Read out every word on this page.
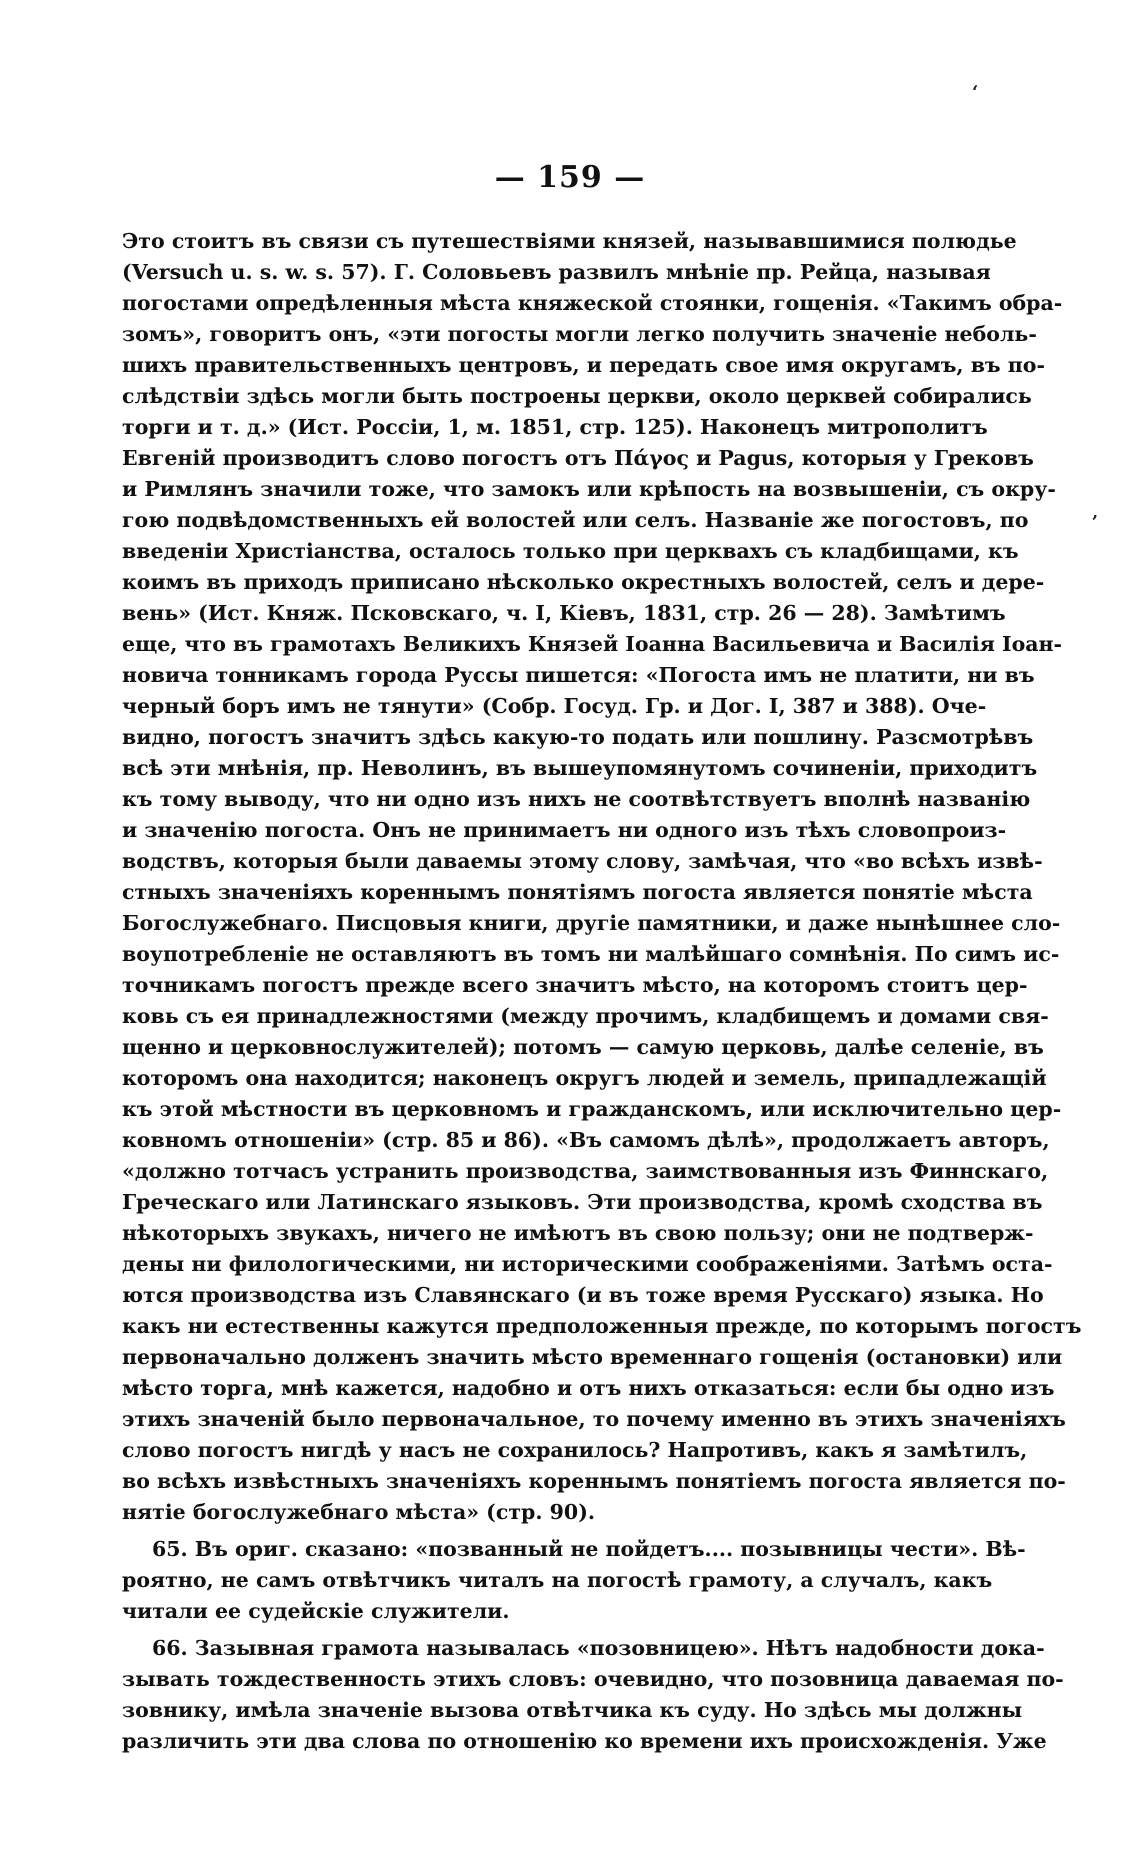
‘
‚
— 159 —
Это стоитъ въ связи съ путешествіями князей, называвшимися полюдье
(Versuch u. s. w. s. 57). Г. Соловьевъ развилъ мнѣніе пр. Рейца, называя
погостами опредѣленныя мѣста княжеской стоянки, гощенія. «Такимъ обра-
зомъ», говоритъ онъ, «эти погосты могли легко получить значеніе неболь-
шихъ правительственныхъ центровъ, и передать свое имя округамъ, въ по-
слѣдствіи здѣсь могли быть построены церкви, около церквей собирались
торги и т. д.» (Ист. Россіи, 1, м. 1851, стр. 125). Наконецъ митрополитъ
Евгеній производитъ слово погостъ отъ Πάγος и Pagus, которыя у Грековъ
и Римлянъ значили тоже, что замокъ или крѣпость на возвышеніи, съ окру-
гою подвѣдомственныхъ ей волостей или селъ. Названіе же погостовъ, по
введеніи Христіанства, осталось только при церквахъ съ кладбищами, къ
коимъ въ приходъ приписано нѣсколько окрестныхъ волостей, селъ и дере-
вень» (Ист. Княж. Псковскаго, ч. I, Кіевъ, 1831, стр. 26 — 28). Замѣтимъ
еще, что въ грамотахъ Великихъ Князей Іоанна Васильевича и Василія Іоан-
новича тонникамъ города Руссы пишется: «Погоста имъ не платити, ни въ
черный боръ имъ не тянути» (Собр. Госуд. Гр. и Дог. I, 387 и 388). Оче-
видно, погостъ значитъ здѣсь какую-то подать или пошлину. Разсмотрѣвъ
всѣ эти мнѣнія, пр. Неволинъ, въ вышеупомянутомъ сочиненіи, приходитъ
къ тому выводу, что ни одно изъ нихъ не соотвѣтствуетъ вполнѣ названію
и значенію погоста. Онъ не принимаетъ ни одного изъ тѣхъ словопроиз-
водствъ, которыя были даваемы этому слову, замѣчая, что «во всѣхъ извѣ-
стныхъ значеніяхъ кореннымъ понятіямъ погоста является понятіе мѣста
Богослужебнаго. Писцовыя книги, другіе памятники, и даже нынѣшнее сло-
воупотребленіе не оставляютъ въ томъ ни малѣйшаго сомнѣнія. По симъ ис-
точникамъ погостъ прежде всего значитъ мѣсто, на которомъ стоитъ цер-
ковь съ ея принадлежностями (между прочимъ, кладбищемъ и домами свя-
щенно и церковнослужителей); потомъ — самую церковь, далѣе селеніе, въ
которомъ она находится; наконецъ округъ людей и земель, припадлежащій
къ этой мѣстности въ церковномъ и гражданскомъ, или исключительно цер-
ковномъ отношеніи» (стр. 85 и 86). «Въ самомъ дѣлѣ», продолжаетъ авторъ,
«должно тотчасъ устранить производства, заимствованныя изъ Финнскаго,
Греческаго или Латинскаго языковъ. Эти производства, кромѣ сходства въ
нѣкоторыхъ звукахъ, ничего не имѣютъ въ свою пользу; они не подтверж-
дены ни филологическими, ни историческими соображеніями. Затѣмъ оста-
ются производства изъ Славянскаго (и въ тоже время Русскаго) языка. Но
какъ ни естественны кажутся предположенныя прежде, по которымъ погостъ
первоначально долженъ значить мѣсто временнаго гощенія (остановки) или
мѣсто торга, мнѣ кажется, надобно и отъ нихъ отказаться: если бы одно изъ
этихъ значеній было первоначальное, то почему именно въ этихъ значеніяхъ
слово погостъ нигдѣ у насъ не сохранилось? Напротивъ, какъ я замѣтилъ,
во всѣхъ извѣстныхъ значеніяхъ кореннымъ понятіемъ погоста является по-
нятіе богослужебнаго мѣста» (стр. 90).
65. Въ ориг. сказано: «позванный не пойдетъ.... позывницы чести». Вѣ-
роятно, не самъ отвѣтчикъ читалъ на погостѣ грамоту, а случалъ, какъ
читали ее судейскіе служители.
66. Зазывная грамота называлась «позовницею». Нѣтъ надобности дока-
зывать тождественность этихъ словъ: очевидно, что позовница даваемая по-
зовнику, имѣла значеніе вызова отвѣтчика къ суду. Но здѣсь мы должны
различить эти два слова по отношенію ко времени ихъ происхожденія. Уже
